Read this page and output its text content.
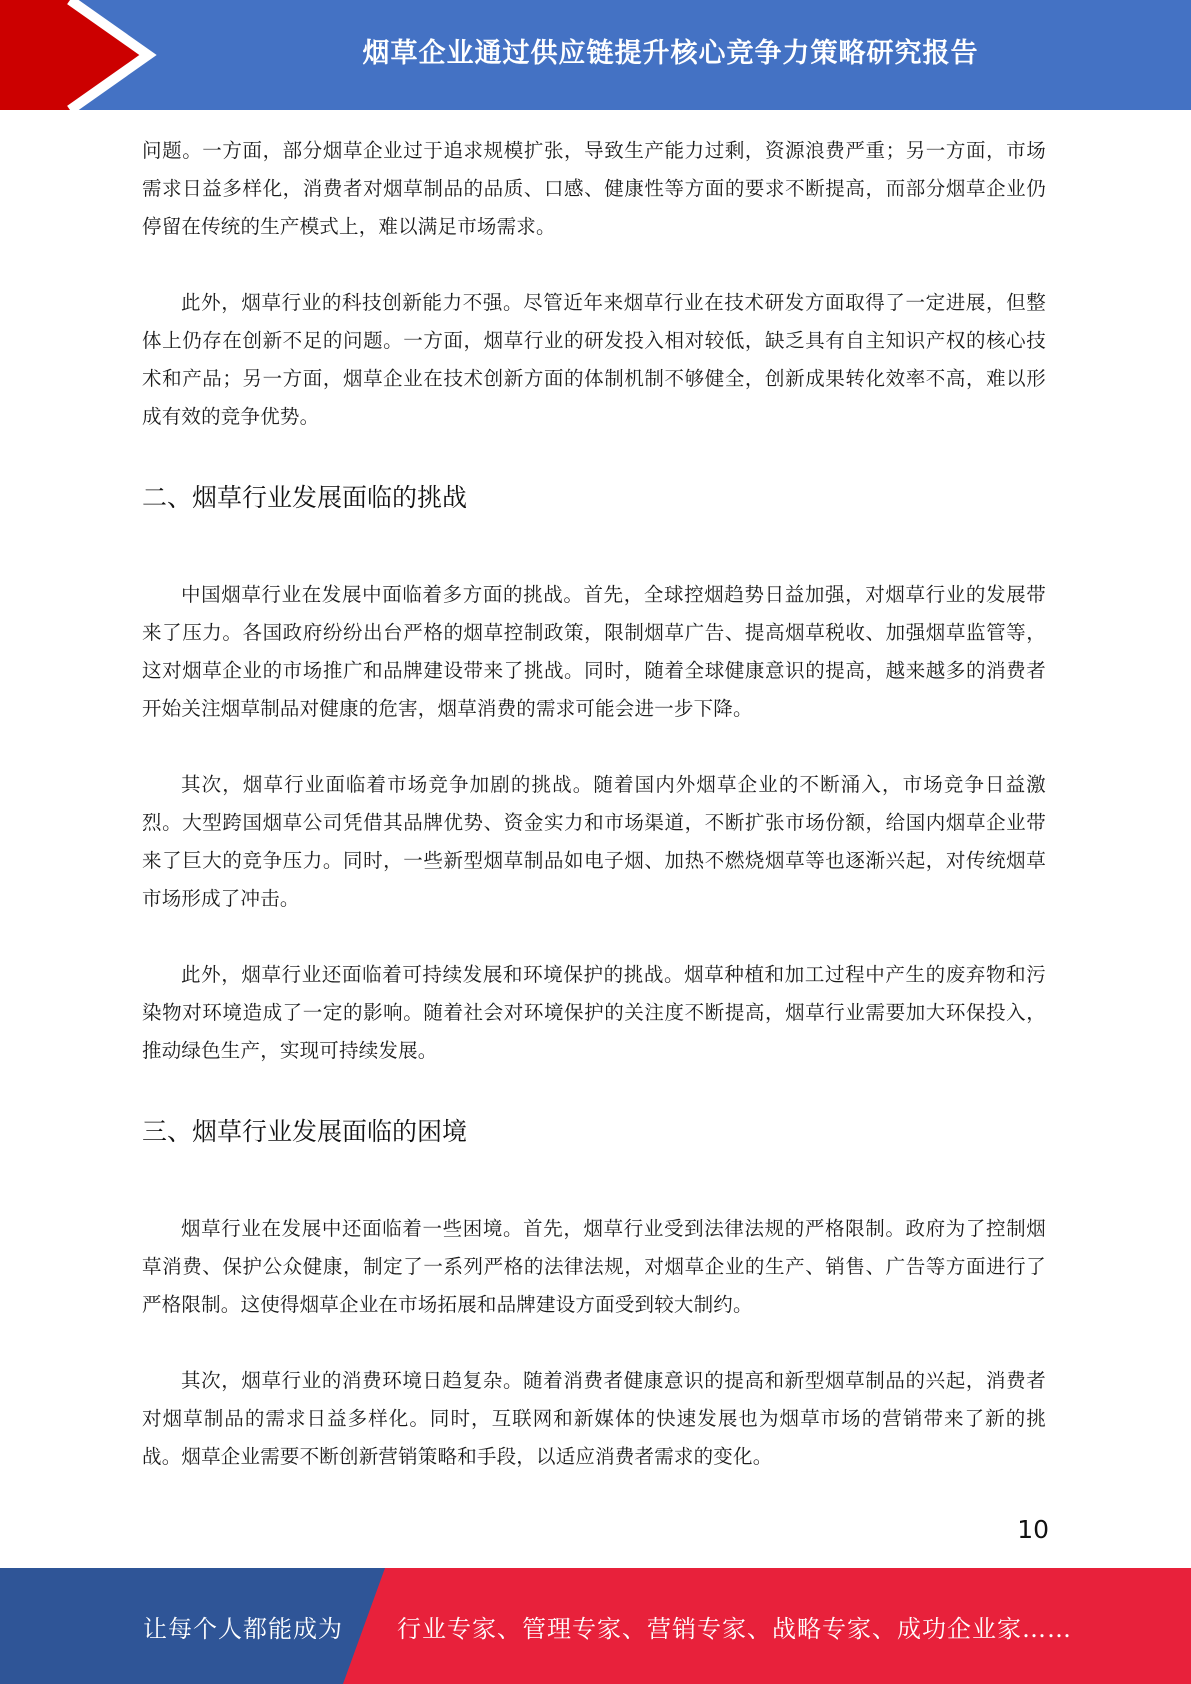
烟草企业通过供应链提升核心竞争力策略研究报告

问题。一方面，部分烟草企业过于追求规模扩张，导致生产能力过剩，资源浪费严重；另一方面，市场需求日益多样化，消费者对烟草制品的品质、口感、健康性等方面的要求不断提高，而部分烟草企业仍停留在传统的生产模式上，难以满足市场需求。

此外，烟草行业的科技创新能力不强。尽管近年来烟草行业在技术研发方面取得了一定进展，但整体上仍存在创新不足的问题。一方面，烟草行业的研发投入相对较低，缺乏具有自主知识产权的核心技术和产品；另一方面，烟草企业在技术创新方面的体制机制不够健全，创新成果转化效率不高，难以形成有效的竞争优势。

二、烟草行业发展面临的挑战

中国烟草行业在发展中面临着多方面的挑战。首先，全球控烟趋势日益加强，对烟草行业的发展带来了压力。各国政府纷纷出台严格的烟草控制政策，限制烟草广告、提高烟草税收、加强烟草监管等，这对烟草企业的市场推广和品牌建设带来了挑战。同时，随着全球健康意识的提高，越来越多的消费者开始关注烟草制品对健康的危害，烟草消费的需求可能会进一步下降。

其次，烟草行业面临着市场竞争加剧的挑战。随着国内外烟草企业的不断涌入，市场竞争日益激烈。大型跨国烟草公司凭借其品牌优势、资金实力和市场渠道，不断扩张市场份额，给国内烟草企业带来了巨大的竞争压力。同时，一些新型烟草制品如电子烟、加热不燃烧烟草等也逐渐兴起，对传统烟草市场形成了冲击。

此外，烟草行业还面临着可持续发展和环境保护的挑战。烟草种植和加工过程中产生的废弃物和污染物对环境造成了一定的影响。随着社会对环境保护的关注度不断提高，烟草行业需要加大环保投入，推动绿色生产，实现可持续发展。

三、烟草行业发展面临的困境

烟草行业在发展中还面临着一些困境。首先，烟草行业受到法律法规的严格限制。政府为了控制烟草消费、保护公众健康，制定了一系列严格的法律法规，对烟草企业的生产、销售、广告等方面进行了严格限制。这使得烟草企业在市场拓展和品牌建设方面受到较大制约。

其次，烟草行业的消费环境日趋复杂。随着消费者健康意识的提高和新型烟草制品的兴起，消费者对烟草制品的需求日益多样化。同时，互联网和新媒体的快速发展也为烟草市场的营销带来了新的挑战。烟草企业需要不断创新营销策略和手段，以适应消费者需求的变化。

10
让每个人都能成为 行业专家、管理专家、营销专家、战略专家、成功企业家……
